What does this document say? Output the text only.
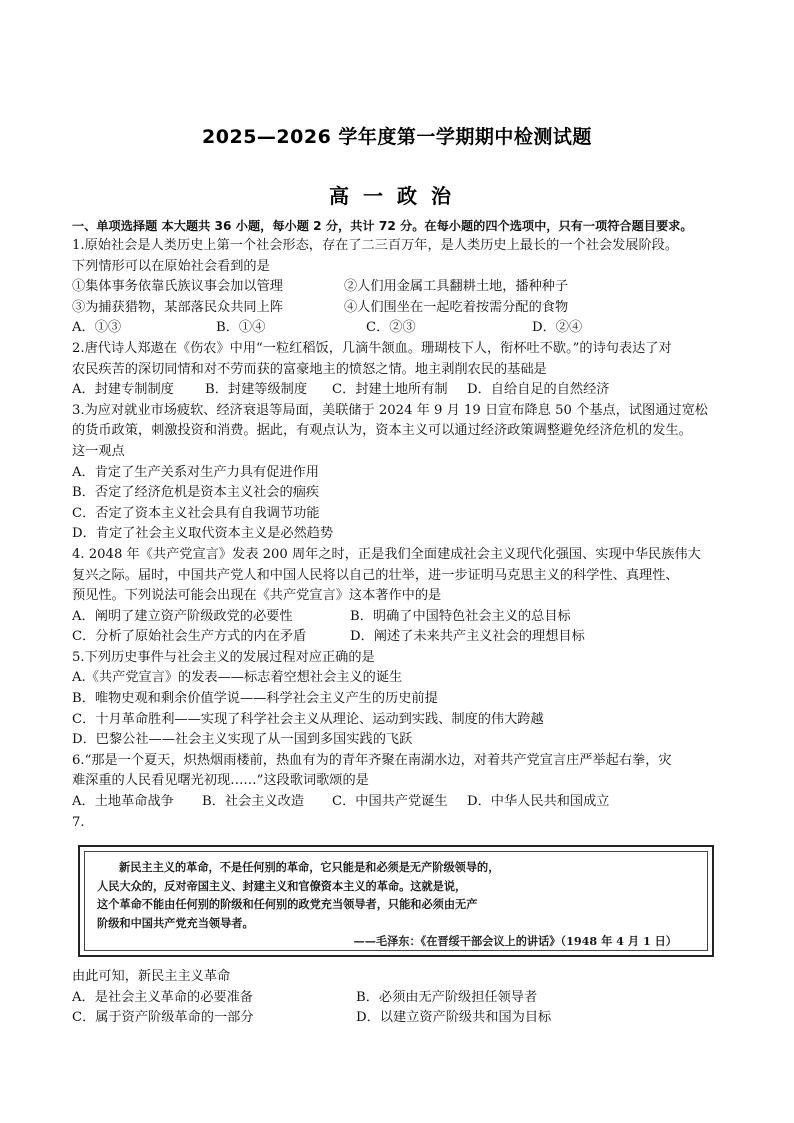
2025—2026 学年度第一学期期中检测试题
高一政治
一、单项选择题 本大题共 36 小题，每小题 2 分，共计 72 分。在每小题的四个选项中，只有一项符合题目要求。
1.原始社会是人类历史上第一个社会形态，存在了二三百万年，是人类历史上最长的一个社会发展阶段。
下列情形可以在原始社会看到的是
①集体事务依靠氏族议事会加以管理	②人们用金属工具翻耕土地，播种种子
③为捕获猎物，某部落民众共同上阵	④人们围坐在一起吃着按需分配的食物
A．①③	B．①④	C．②③	D．②④
2.唐代诗人郑遨在《伤农》中用“一粒红稻饭，几滴牛颔血。珊瑚枝下人，衔杯吐不歇。”的诗句表达了对
农民疾苦的深切同情和对不劳而获的富豪地主的愤怒之情。地主剥削农民的基础是
A．封建专制制度	B．封建等级制度	C．封建土地所有制	D．自给自足的自然经济
3.为应对就业市场疲软、经济衰退等局面，美联储于 2024 年 9 月 19 日宣布降息 50 个基点，试图通过宽松
的货币政策，刺激投资和消费。据此，有观点认为，资本主义可以通过经济政策调整避免经济危机的发生。
这一观点
A．肯定了生产关系对生产力具有促进作用
B．否定了经济危机是资本主义社会的痼疾
C．否定了资本主义社会具有自我调节功能
D．肯定了社会主义取代资本主义是必然趋势
4. 2048 年《共产党宣言》发表 200 周年之时，正是我们全面建成社会主义现代化强国、实现中华民族伟大
复兴之际。届时，中国共产党人和中国人民将以自己的壮举，进一步证明马克思主义的科学性、真理性、
预见性。下列说法可能会出现在《共产党宣言》这本著作中的是
A．阐明了建立资产阶级政党的必要性	B．明确了中国特色社会主义的总目标
C．分析了原始社会生产方式的内在矛盾	D．阐述了未来共产主义社会的理想目标
5.下列历史事件与社会主义的发展过程对应正确的是
A.《共产党宣言》的发表——标志着空想社会主义的诞生
B．唯物史观和剩余价值学说——科学社会主义产生的历史前提
C．十月革命胜利——实现了科学社会主义从理论、运动到实践、制度的伟大跨越
D．巴黎公社——社会主义实现了从一国到多国实践的飞跃
6.“那是一个夏天，炽热烟雨楼前，热血有为的青年齐聚在南湖水边，对着共产党宣言庄严举起右拳，灾
难深重的人民看见曙光初现……”这段歌词歌颂的是
A．土地革命战争	B．社会主义改造	C．中国共产党诞生	D．中华人民共和国成立
7.
新民主主义的革命，不是任何别的革命，它只能是和必须是无产阶级领导的，
人民大众的，反对帝国主义、封建主义和官僚资本主义的革命。这就是说，
这个革命不能由任何别的阶级和任何别的政党充当领导者，只能和必须由无产
阶级和中国共产党充当领导者。
——毛泽东：《在晋绥干部会议上的讲话》（1948 年 4 月 1 日）
由此可知，新民主主义革命
A．是社会主义革命的必要准备	B．必须由无产阶级担任领导者
C．属于资产阶级革命的一部分	D．以建立资产阶级共和国为目标
